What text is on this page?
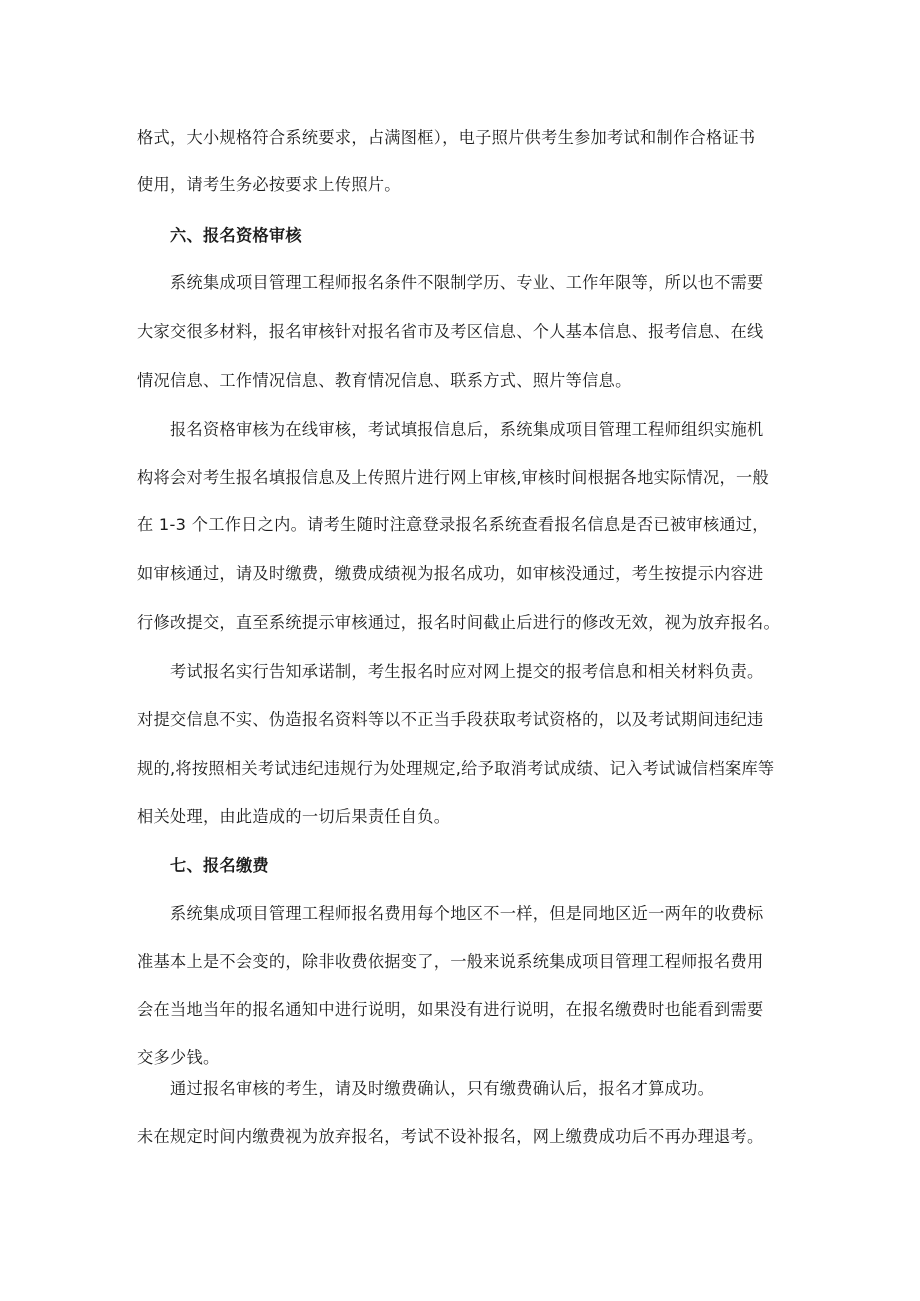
格式，大小规格符合系统要求，占满图框），电子照片供考生参加考试和制作合格证书
使用，请考生务必按要求上传照片。
六、报名资格审核
系统集成项目管理工程师报名条件不限制学历、专业、工作年限等，所以也不需要
大家交很多材料，报名审核针对报名省市及考区信息、个人基本信息、报考信息、在线
情况信息、工作情况信息、教育情况信息、联系方式、照片等信息。
报名资格审核为在线审核，考试填报信息后，系统集成项目管理工程师组织实施机
构将会对考生报名填报信息及上传照片进行网上审核,审核时间根据各地实际情况，一般
在 1-3 个工作日之内。请考生随时注意登录报名系统查看报名信息是否已被审核通过，
如审核通过，请及时缴费，缴费成绩视为报名成功，如审核没通过，考生按提示内容进
行修改提交，直至系统提示审核通过，报名时间截止后进行的修改无效，视为放弃报名。
考试报名实行告知承诺制，考生报名时应对网上提交的报考信息和相关材料负责。
对提交信息不实、伪造报名资料等以不正当手段获取考试资格的，以及考试期间违纪违
规的,将按照相关考试违纪违规行为处理规定,给予取消考试成绩、记入考试诚信档案库等
相关处理，由此造成的一切后果责任自负。
七、报名缴费
系统集成项目管理工程师报名费用每个地区不一样，但是同地区近一两年的收费标
准基本上是不会变的，除非收费依据变了，一般来说系统集成项目管理工程师报名费用
会在当地当年的报名通知中进行说明，如果没有进行说明，在报名缴费时也能看到需要
交多少钱。
通过报名审核的考生，请及时缴费确认，只有缴费确认后，报名才算成功。
未在规定时间内缴费视为放弃报名，考试不设补报名，网上缴费成功后不再办理退考。
